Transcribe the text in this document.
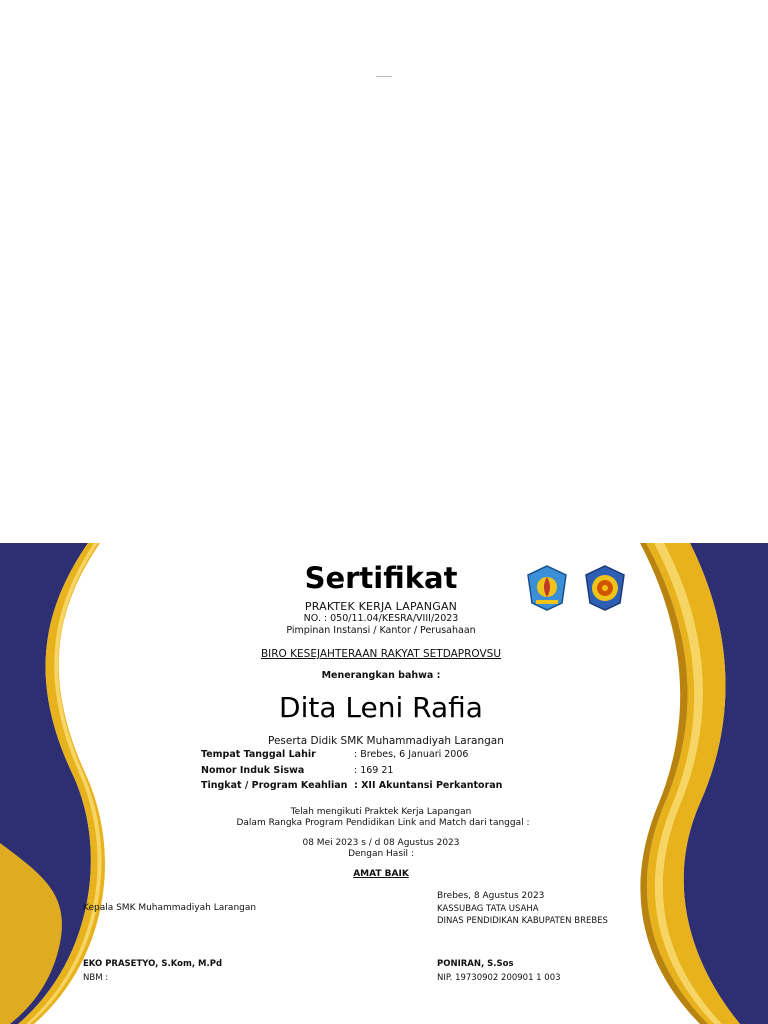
Sertifikat
PRAKTEK KERJA LAPANGAN
NO. : 050/11.04/KESRA/VIII/2023
Pimpinan Instansi / Kantor / Perusahaan
BIRO KESEJAHTERAAN RAKYAT SETDAPROVSU
Menerangkan bahwa :
Dita Leni Rafia
Peserta Didik SMK Muhammadiyah Larangan
Tempat Tanggal Lahir	: Brebes, 6 Januari 2006
Nomor Induk Siswa	: 169 21
Tingkat / Program Keahlian : XII Akuntansi Perkantoran
Telah mengikuti Praktek Kerja Lapangan
Dalam Rangka Program Pendidikan Link and Match dari tanggal :
08 Mei 2023 s / d 08 Agustus 2023
Dengan Hasil :
AMAT BAIK
Kepala SMK Muhammadiyah Larangan
Brebes, 8 Agustus 2023
KASSUBAG TATA USAHA
DINAS PENDIDIKAN KABUPATEN BREBES
EKO PRASETYO, S.Kom, M.Pd
NBM :
PONIRAN, S.Sos
NIP. 19730902 200901 1 003
